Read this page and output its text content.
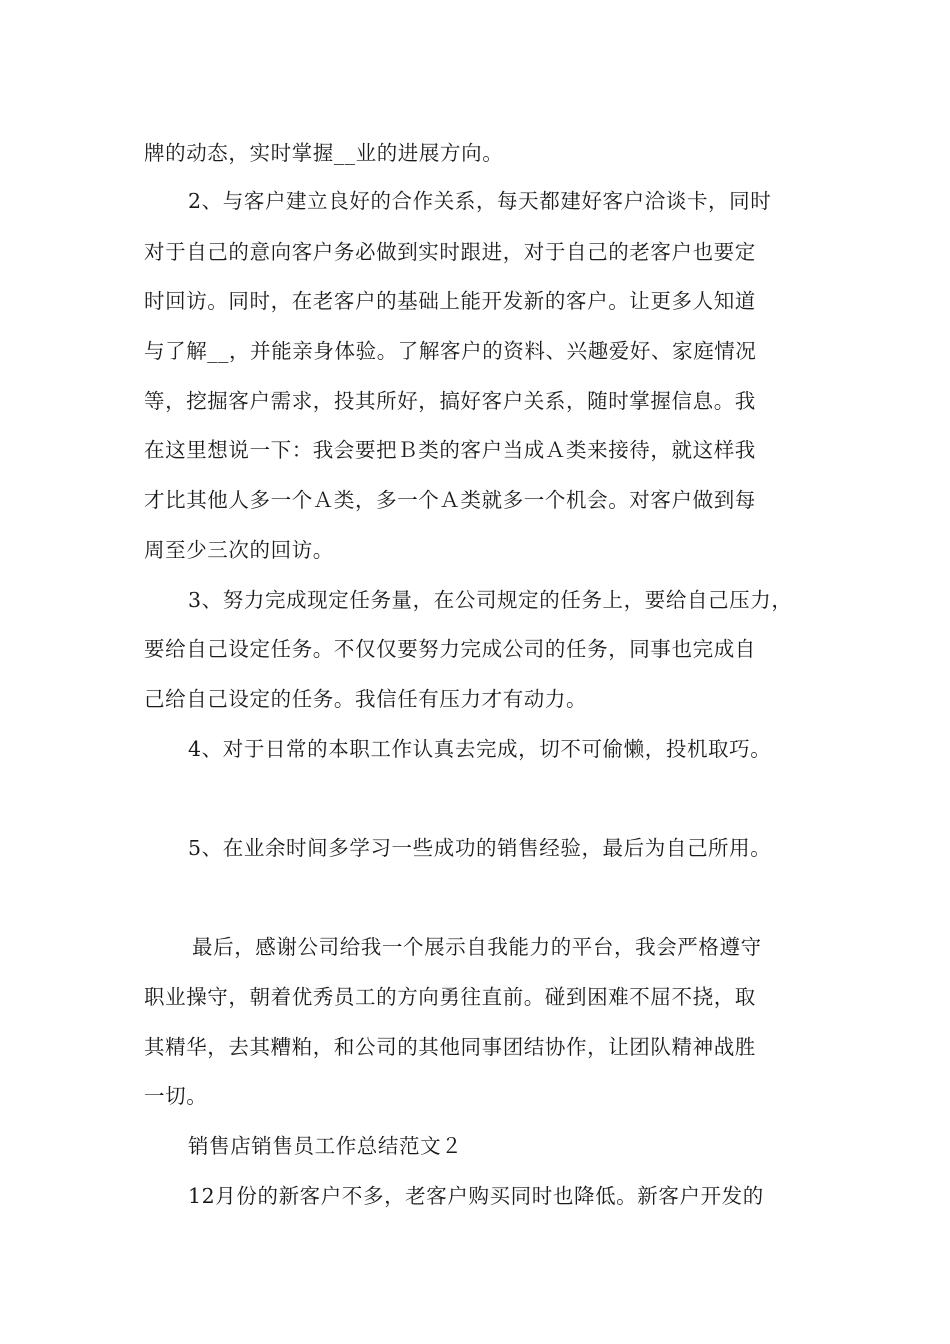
牌的动态，实时掌握__业的进展方向。
2、与客户建立良好的合作关系，每天都建好客户洽谈卡，同时
对于自己的意向客户务必做到实时跟进，对于自己的老客户也要定
时回访。同时，在老客户的基础上能开发新的客户。让更多人知道
与了解__，并能亲身体验。了解客户的资料、兴趣爱好、家庭情况
等，挖掘客户需求，投其所好，搞好客户关系，随时掌握信息。我
在这里想说一下：我会要把Ｂ类的客户当成Ａ类来接待，就这样我
才比其他人多一个Ａ类，多一个Ａ类就多一个机会。对客户做到每
周至少三次的回访。
3、努力完成现定任务量，在公司规定的任务上，要给自己压力，
要给自己设定任务。不仅仅要努力完成公司的任务，同事也完成自
己给自己设定的任务。我信任有压力才有动力。
4、对于日常的本职工作认真去完成，切不可偷懒，投机取巧。
5、在业余时间多学习一些成功的销售经验，最后为自己所用。
最后，感谢公司给我一个展示自我能力的平台，我会严格遵守
职业操守，朝着优秀员工的方向勇往直前。碰到困难不屈不挠，取
其精华，去其糟粕，和公司的其他同事团结协作，让团队精神战胜
一切。
销售店销售员工作总结范文２
12月份的新客户不多，老客户购买同时也降低。新客户开发的
